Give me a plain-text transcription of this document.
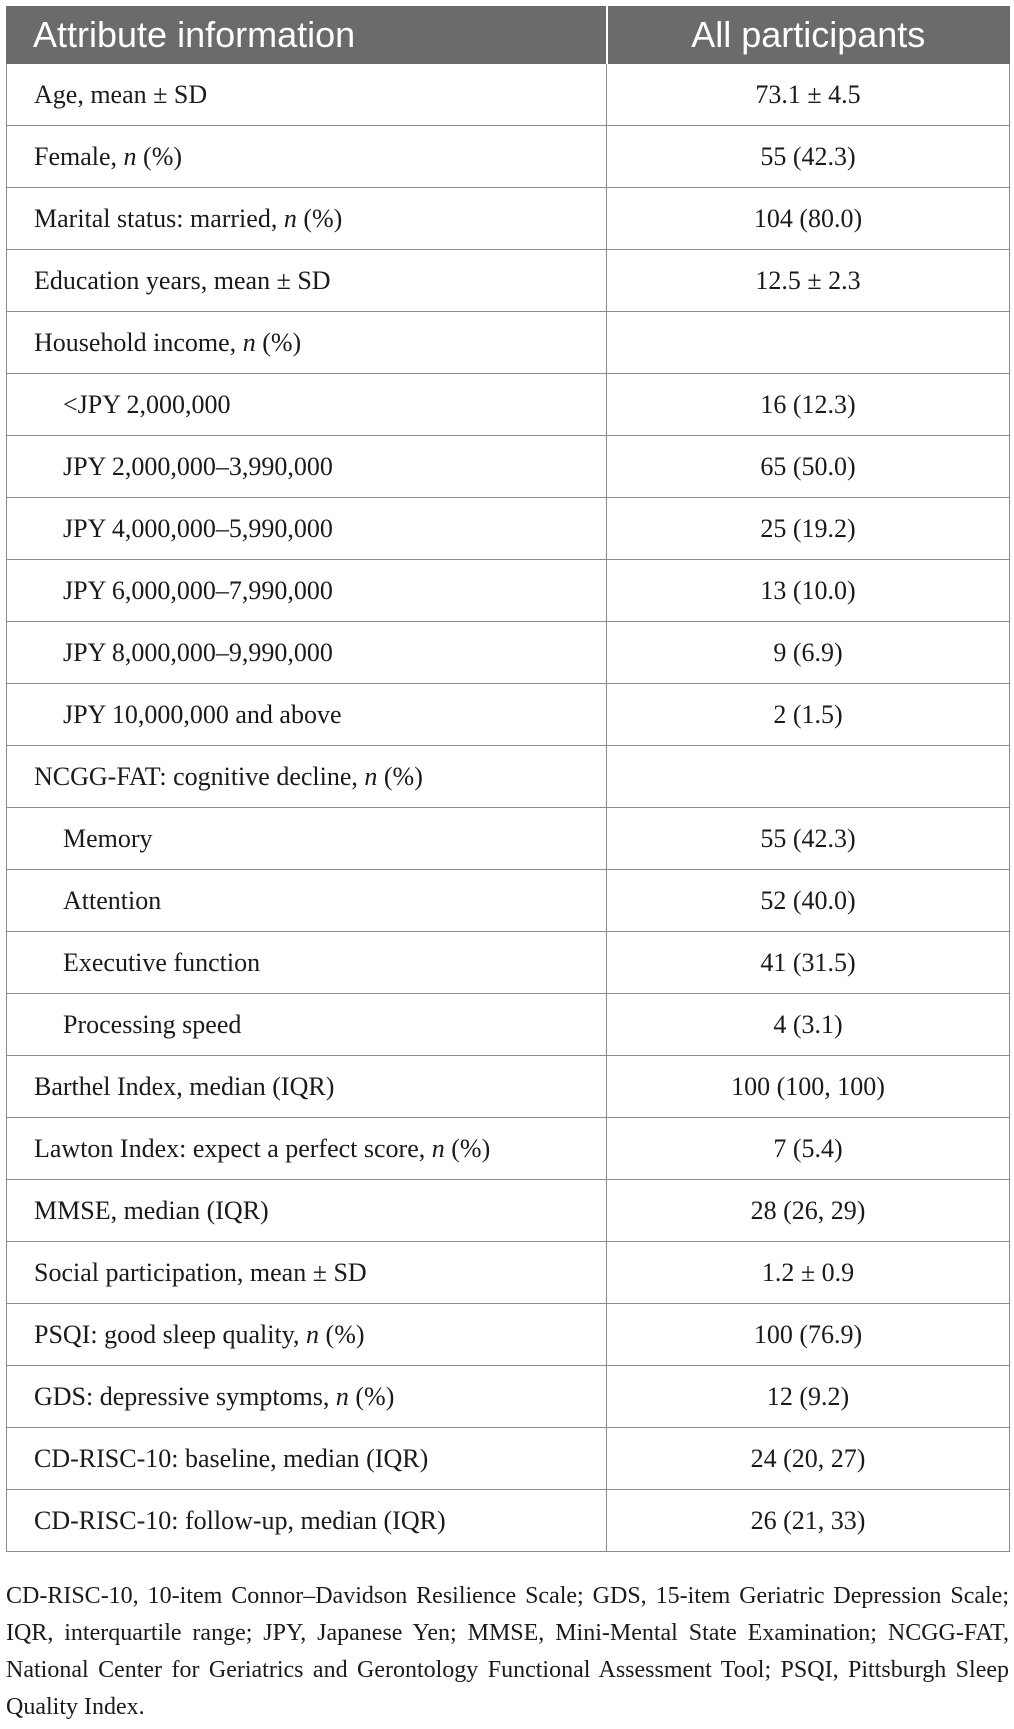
Attribute information	All participants
Age, mean ± SD	73.1 ± 4.5
Female, n (%)	55 (42.3)
Marital status: married, n (%)	104 (80.0)
Education years, mean ± SD	12.5 ± 2.3
Household income, n (%)	
<JPY 2,000,000	16 (12.3)
JPY 2,000,000–3,990,000	65 (50.0)
JPY 4,000,000–5,990,000	25 (19.2)
JPY 6,000,000–7,990,000	13 (10.0)
JPY 8,000,000–9,990,000	9 (6.9)
JPY 10,000,000 and above	2 (1.5)
NCGG-FAT: cognitive decline, n (%)	
Memory	55 (42.3)
Attention	52 (40.0)
Executive function	41 (31.5)
Processing speed	4 (3.1)
Barthel Index, median (IQR)	100 (100, 100)
Lawton Index: expect a perfect score, n (%)	7 (5.4)
MMSE, median (IQR)	28 (26, 29)
Social participation, mean ± SD	1.2 ± 0.9
PSQI: good sleep quality, n (%)	100 (76.9)
GDS: depressive symptoms, n (%)	12 (9.2)
CD-RISC-10: baseline, median (IQR)	24 (20, 27)
CD-RISC-10: follow-up, median (IQR)	26 (21, 33)

CD-RISC-10, 10-item Connor–Davidson Resilience Scale; GDS, 15-item Geriatric Depression Scale; IQR, interquartile range; JPY, Japanese Yen; MMSE, Mini-Mental State Examination; NCGG-FAT, National Center for Geriatrics and Gerontology Functional Assessment Tool; PSQI, Pittsburgh Sleep Quality Index.
